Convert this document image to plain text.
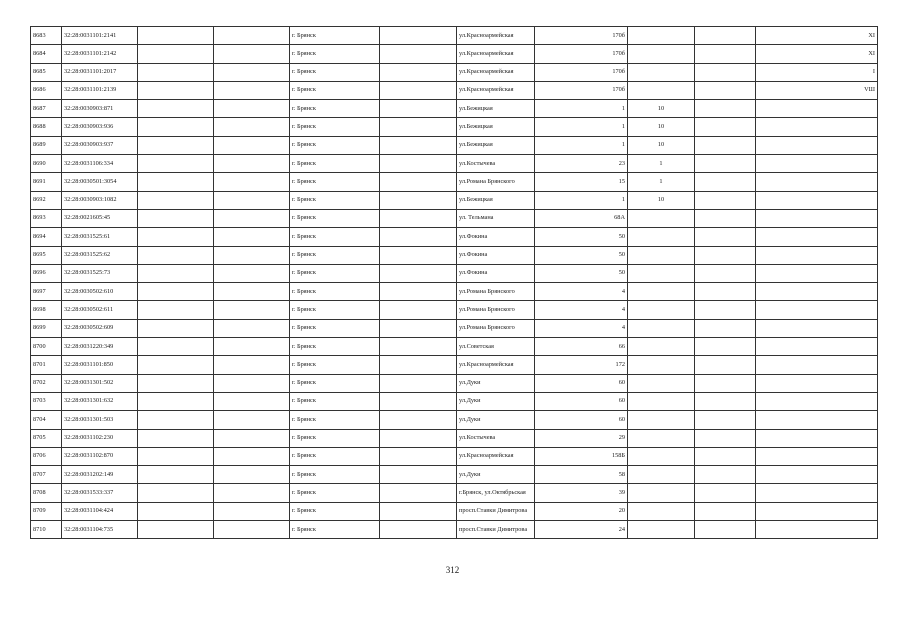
8683	32:28:0031101:2141			г. Брянск		ул.Красноармейская	170б			XI
8684	32:28:0031101:2142			г. Брянск		ул.Красноармейская	170б			XI
8685	32:28:0031101:2017			г. Брянск		ул.Красноармейская	170б			I
8686	32:28:0031101:2139			г. Брянск		ул.Красноармейская	170б			VШ
8687	32:28:0030903:871			г. Брянск		ул.Бежицкая	1	10		
8688	32:28:0030903:936			г. Брянск		ул.Бежицкая	1	10		
8689	32:28:0030903:937			г. Брянск		ул.Бежицкая	1	10		
8690	32:28:0031106:334			г. Брянск		ул.Костычева	23	1		
8691	32:28:0030501:3054			г. Брянск		ул.Романа Брянского	15	1		
8692	32:28:0030903:1082			г. Брянск		ул.Бежицкая	1	10		
8693	32:28:0021605:45			г. Брянск		ул. Тельмана	68А			
8694	32:28:0031525:61			г. Брянск		ул.Фокина	50			
8695	32:28:0031525:62			г. Брянск		ул.Фокина	50			
8696	32:28:0031525:73			г. Брянск		ул.Фокина	50			
8697	32:28:0030502:610			г. Брянск		ул.Романа Брянского	4			
8698	32:28:0030502:611			г. Брянск		ул.Романа Брянского	4			
8699	32:28:0030502:609			г. Брянск		ул.Романа Брянского	4			
8700	32:28:0031220:349			г. Брянск		ул.Советская	66			
8701	32:28:0031101:850			г. Брянск		ул.Красноармейская	172			
8702	32:28:0031301:502			г. Брянск		ул.Дуки	60			
8703	32:28:0031301:632			г. Брянск		ул.Дуки	60			
8704	32:28:0031301:503			г. Брянск		ул.Дуки	60			
8705	32:28:0031102:230			г. Брянск		ул.Костычева	29			
8706	32:28:0031102:870			г. Брянск		ул.Красноармейская	158Б			
8707	32:28:0031202:149			г. Брянск		ул.Дуки	58			
8708	32:28:0031533:337			г. Брянск		г.Брянск, ул.Октябрьская	39			
8709	32:28:0031104:424			г. Брянск		просп.Ставки Димитрова	20			
8710	32:28:0031104:735			г. Брянск		просп.Ставки Димитрова	24			
312
